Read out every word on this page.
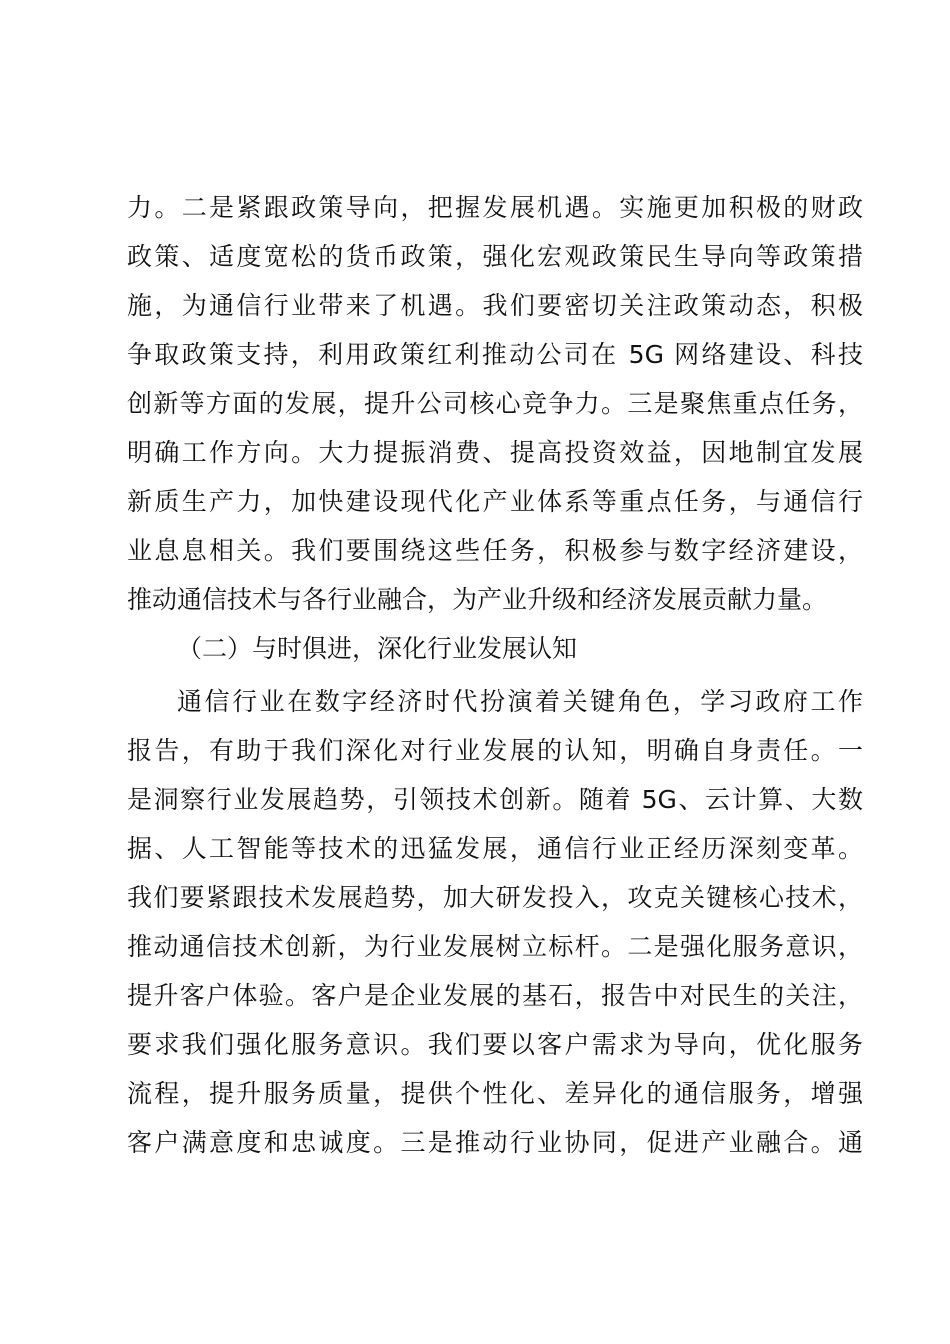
力。二是紧跟政策导向，把握发展机遇。实施更加积极的财政
政策、适度宽松的货币政策，强化宏观政策民生导向等政策措
施，为通信行业带来了机遇。我们要密切关注政策动态，积极
争取政策支持，利用政策红利推动公司在 5G 网络建设、科技
创新等方面的发展，提升公司核心竞争力。三是聚焦重点任务，
明确工作方向。大力提振消费、提高投资效益，因地制宜发展
新质生产力，加快建设现代化产业体系等重点任务，与通信行
业息息相关。我们要围绕这些任务，积极参与数字经济建设，
推动通信技术与各行业融合，为产业升级和经济发展贡献力量。
（二）与时俱进，深化行业发展认知
通信行业在数字经济时代扮演着关键角色，学习政府工作
报告，有助于我们深化对行业发展的认知，明确自身责任。一
是洞察行业发展趋势，引领技术创新。随着 5G、云计算、大数
据、人工智能等技术的迅猛发展，通信行业正经历深刻变革。
我们要紧跟技术发展趋势，加大研发投入，攻克关键核心技术，
推动通信技术创新，为行业发展树立标杆。二是强化服务意识，
提升客户体验。客户是企业发展的基石，报告中对民生的关注，
要求我们强化服务意识。我们要以客户需求为导向，优化服务
流程，提升服务质量，提供个性化、差异化的通信服务，增强
客户满意度和忠诚度。三是推动行业协同，促进产业融合。通
